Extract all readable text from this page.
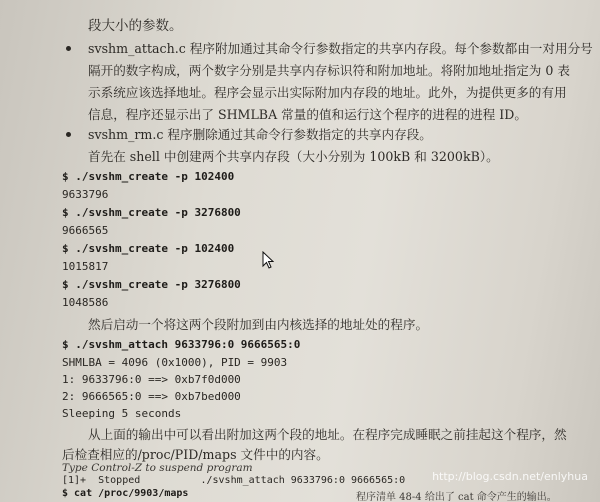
段大小的参数。
svshm_attach.c 程序附加通过其命令行参数指定的共享内存段。每个参数都由一对用分号
隔开的数字构成，两个数字分别是共享内存标识符和附加地址。将附加地址指定为 0 表
示系统应该选择地址。程序会显示出实际附加内存段的地址。此外，为提供更多的有用
信息，程序还显示出了 SHMLBA 常量的值和运行这个程序的进程的进程 ID。
svshm_rm.c 程序删除通过其命令行参数指定的共享内存段。
首先在 shell 中创建两个共享内存段（大小分别为 100kB 和 3200kB）。
$ ./svshm_create -p 102400
9633796
$ ./svshm_create -p 3276800
9666565
$ ./svshm_create -p 102400
1015817
$ ./svshm_create -p 3276800
1048586
然后启动一个将这两个段附加到由内核选择的地址处的程序。
$ ./svshm_attach 9633796:0 9666565:0
SHMLBA = 4096 (0x1000), PID = 9903
1: 9633796:0 ==> 0xb7f0d000
2: 9666565:0 ==> 0xb7bed000
Sleeping 5 seconds
从上面的输出中可以看出附加这两个段的地址。在程序完成睡眠之前挂起这个程序，然
后检查相应的/proc/PID/maps 文件中的内容。
Type Control-Z to suspend program
[1]+  Stopped          ./svshm_attach 9633796:0 9666565:0
$ cat /proc/9903/maps	程序清单 48-4 给出了 cat 命令产生的输出。
http://blog.csdn.net/enlyhua
